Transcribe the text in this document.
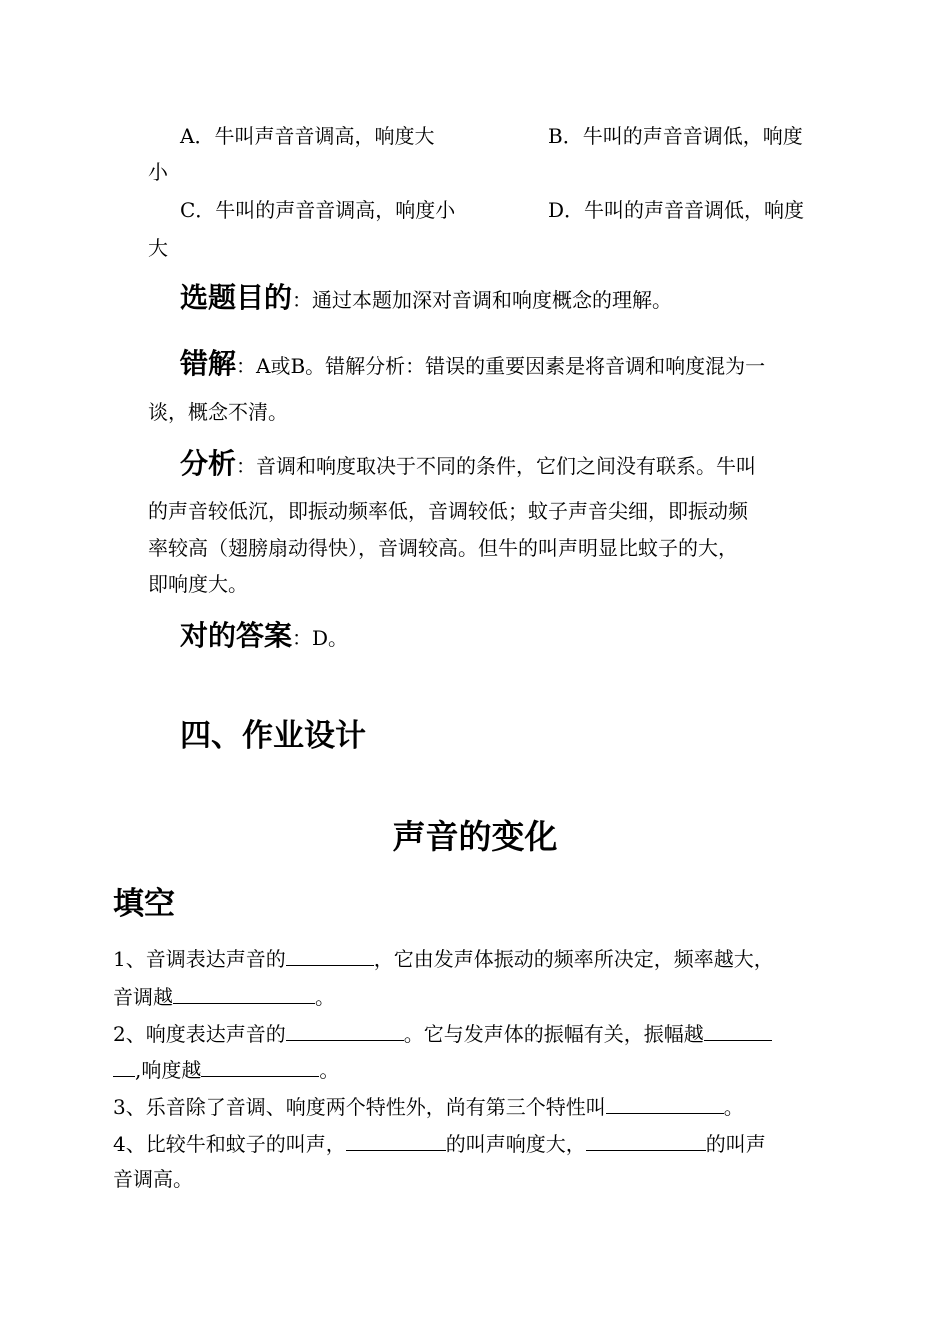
A．牛叫声音音调高，响度大	B．牛叫的声音音调低，响度
小
C．牛叫的声音音调高，响度小	D．牛叫的声音音调低，响度
大
选题目的：通过本题加深对音调和响度概念的理解。
错解：A或B。错解分析：错误的重要因素是将音调和响度混为一
谈，概念不清。
分析：音调和响度取决于不同的条件，它们之间没有联系。牛叫
的声音较低沉，即振动频率低，音调较低；蚊子声音尖细，即振动频
率较高（翅膀扇动得快），音调较高。但牛的叫声明显比蚊子的大，
即响度大。
对的答案：D。
四、作业设计
声音的变化
填空
1、音调表达声音的	，它由发声体振动的频率所决定，频率越大，
音调越	。
2、响度表达声音的	。它与发声体的振幅有关，振幅越
,响度越	。
3、乐音除了音调、响度两个特性外，尚有第三个特性叫	。
4、比较牛和蚊子的叫声，	的叫声响度大，	的叫声
音调高。
